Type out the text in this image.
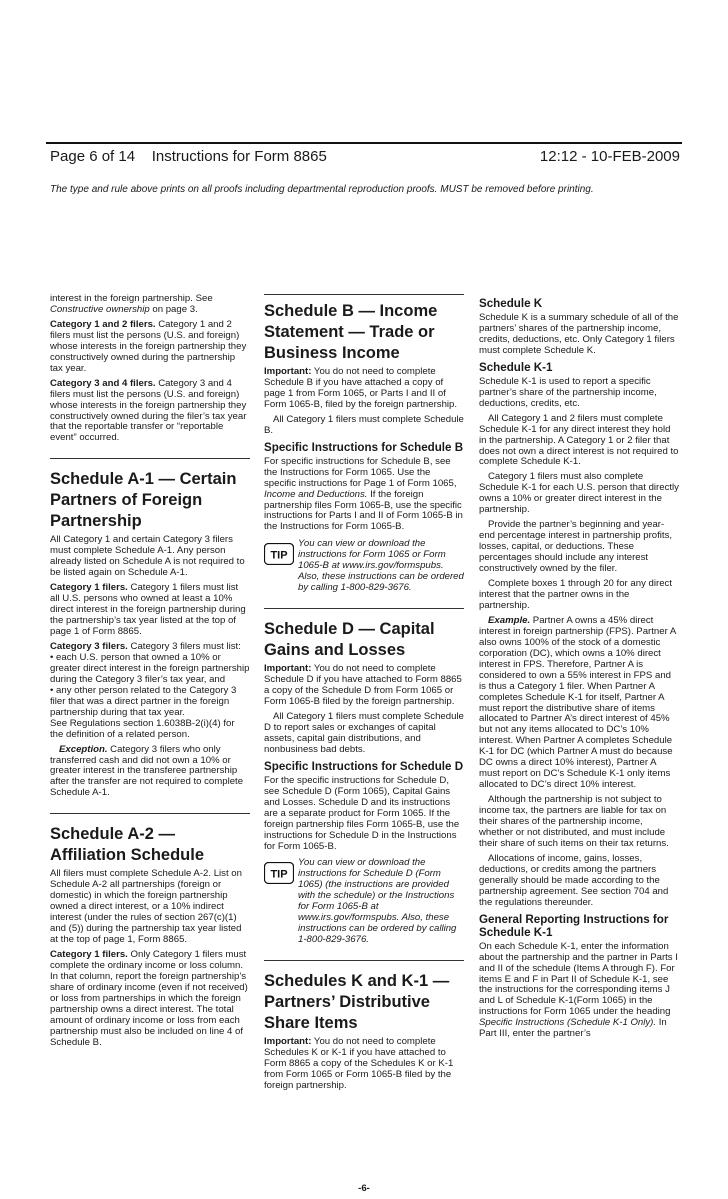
Page 6 of 14    Instructions for Form 8865	12:12 - 10-FEB-2009
The type and rule above prints on all proofs including departmental reproduction proofs. MUST be removed before printing.

interest in the foreign partnership. See
Constructive ownership on page 3.

Category 1 and 2 filers. Category 1 and 2 filers must list the persons (U.S. and foreign) whose interests in the foreign partnership they constructively owned during the partnership tax year.

Category 3 and 4 filers. Category 3 and 4 filers must list the persons (U.S. and foreign) whose interests in the foreign partnership they constructively owned during the filer’s tax year that the reportable transfer or “reportable event” occurred.

Schedule A-1 — Certain Partners of Foreign Partnership

All Category 1 and certain Category 3 filers must complete Schedule A-1. Any person already listed on Schedule A is not required to be listed again on Schedule A-1.

Category 1 filers. Category 1 filers must list all U.S. persons who owned at least a 10% direct interest in the foreign partnership during the partnership’s tax year listed at the top of page 1 of Form 8865.

Category 3 filers. Category 3 filers must list:

• each U.S. person that owned a 10% or greater direct interest in the foreign partnership during the Category 3 filer’s tax year, and

• any other person related to the Category 3 filer that was a direct partner in the foreign partnership during that tax year.

See Regulations section 1.6038B-2(i)(4) for the definition of a related person.

Exception. Category 3 filers who only transferred cash and did not own a 10% or greater interest in the transferee partnership after the transfer are not required to complete Schedule A-1.

Schedule A-2 — Affiliation Schedule

All filers must complete Schedule A-2. List on Schedule A-2 all partnerships (foreign or domestic) in which the foreign partnership owned a direct interest, or a 10% indirect interest (under the rules of section 267(c)(1) and (5)) during the partnership tax year listed at the top of page 1, Form 8865.

Category 1 filers. Only Category 1 filers must complete the ordinary income or loss column. In that column, report the foreign partnership’s share of ordinary income (even if not received) or loss from partnerships in which the foreign partnership owns a direct interest. The total amount of ordinary income or loss from each partnership must also be included on line 4 of Schedule B.

Schedule B — Income Statement — Trade or Business Income

Important: You do not need to complete Schedule B if you have attached a copy of page 1 from Form 1065, or Parts I and II of Form 1065-B, filed by the foreign partnership.

All Category 1 filers must complete Schedule B.

Specific Instructions for Schedule B

For specific instructions for Schedule B, see the Instructions for Form 1065. Use the specific instructions for Page 1 of Form 1065, Income and Deductions. If the foreign partnership files Form 1065-B, use the specific instructions for Parts I and II of Form 1065-B in the Instructions for Form 1065-B.

TIP
You can view or download the instructions for Form 1065 or Form 1065-B at www.irs.gov/formspubs. Also, these instructions can be ordered by calling 1-800-829-3676.
Schedule D — Capital Gains and Losses

Important: You do not need to complete Schedule D if you have attached to Form 8865 a copy of the Schedule D from Form 1065 or Form 1065-B filed by the foreign partnership.

All Category 1 filers must complete Schedule D to report sales or exchanges of capital assets, capital gain distributions, and nonbusiness bad debts.

Specific Instructions for Schedule D

For the specific instructions for Schedule D, see Schedule D (Form 1065), Capital Gains and Losses. Schedule D and its instructions are a separate product for Form 1065. If the foreign partnership files Form 1065-B, use the instructions for Schedule D in the Instructions for Form 1065-B.

TIP
You can view or download the instructions for Schedule D (Form 1065) (the instructions are provided with the schedule) or the Instructions for Form 1065-B at www.irs.gov/formspubs. Also, these instructions can be ordered by calling 1-800-829-3676.
Schedules K and K-1 — Partners’ Distributive Share Items

Important: You do not need to complete Schedules K or K-1 if you have attached to Form 8865 a copy of the Schedules K or K-1 from Form 1065 or Form 1065-B filed by the foreign partnership.

Schedule K

Schedule K is a summary schedule of all of the partners’ shares of the partnership income, credits, deductions, etc. Only Category 1 filers must complete Schedule K.

Schedule K-1

Schedule K-1 is used to report a specific partner’s share of the partnership income, deductions, credits, etc.

All Category 1 and 2 filers must complete Schedule K-1 for any direct interest they hold in the partnership. A Category 1 or 2 filer that does not own a direct interest is not required to complete Schedule K-1.

Category 1 filers must also complete Schedule K-1 for each U.S. person that directly owns a 10% or greater direct interest in the partnership.

Provide the partner’s beginning and year-end percentage interest in partnership profits, losses, capital, or deductions. These percentages should include any interest constructively owned by the filer.

Complete boxes 1 through 20 for any direct interest that the partner owns in the partnership.

Example. Partner A owns a 45% direct interest in foreign partnership (FPS). Partner A also owns 100% of the stock of a domestic corporation (DC), which owns a 10% direct interest in FPS. Therefore, Partner A is considered to own a 55% interest in FPS and is thus a Category 1 filer. When Partner A completes Schedule K-1 for itself, Partner A must report the distributive share of items allocated to Partner A’s direct interest of 45% but not any items allocated to DC’s 10% interest. When Partner A completes Schedule K-1 for DC (which Partner A must do because DC owns a direct 10% interest), Partner A must report on DC’s Schedule K-1 only items allocated to DC’s direct 10% interest.

Although the partnership is not subject to income tax, the partners are liable for tax on their shares of the partnership income, whether or not distributed, and must include their share of such items on their tax returns.

Allocations of income, gains, losses, deductions, or credits among the partners generally should be made according to the partnership agreement. See section 704 and the regulations thereunder.

General Reporting Instructions for Schedule K-1

On each Schedule K-1, enter the information about the partnership and the partner in Parts I and II of the schedule (Items A through F). For items E and F in Part II of Schedule K-1, see the instructions for the corresponding items J and L of Schedule K-1(Form 1065) in the instructions for Form 1065 under the heading Specific Instructions (Schedule K-1 Only). In Part III, enter the partner’s

-6-
